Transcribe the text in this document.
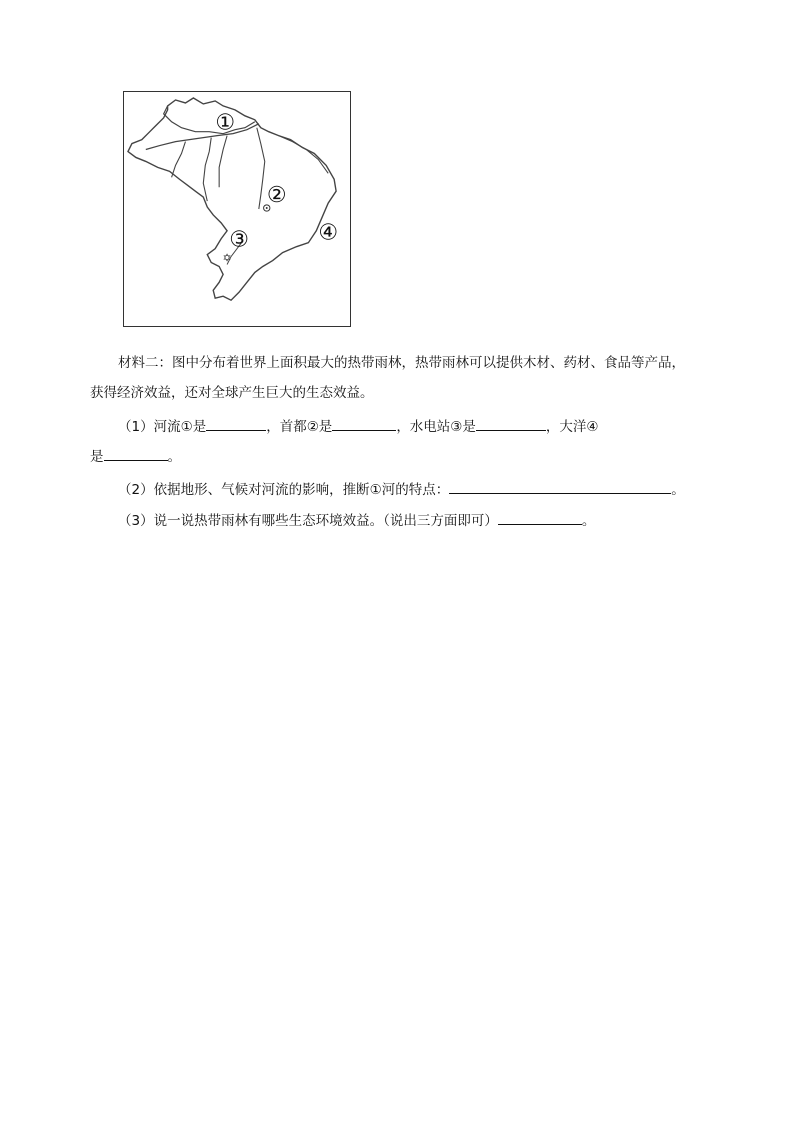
✡
①
②
③	④
材料二：图中分布着世界上面积最大的热带雨林，热带雨林可以提供木材、药材、食品等产品，
获得经济效益，还对全球产生巨大的生态效益。
（1）河流①是	，首都②是	，水电站③是	，大洋④
是	。
（2）依据地形、气候对河流的影响，推断①河的特点：	。
（3）说一说热带雨林有哪些生态环境效益。（说出三方面即可）	。
